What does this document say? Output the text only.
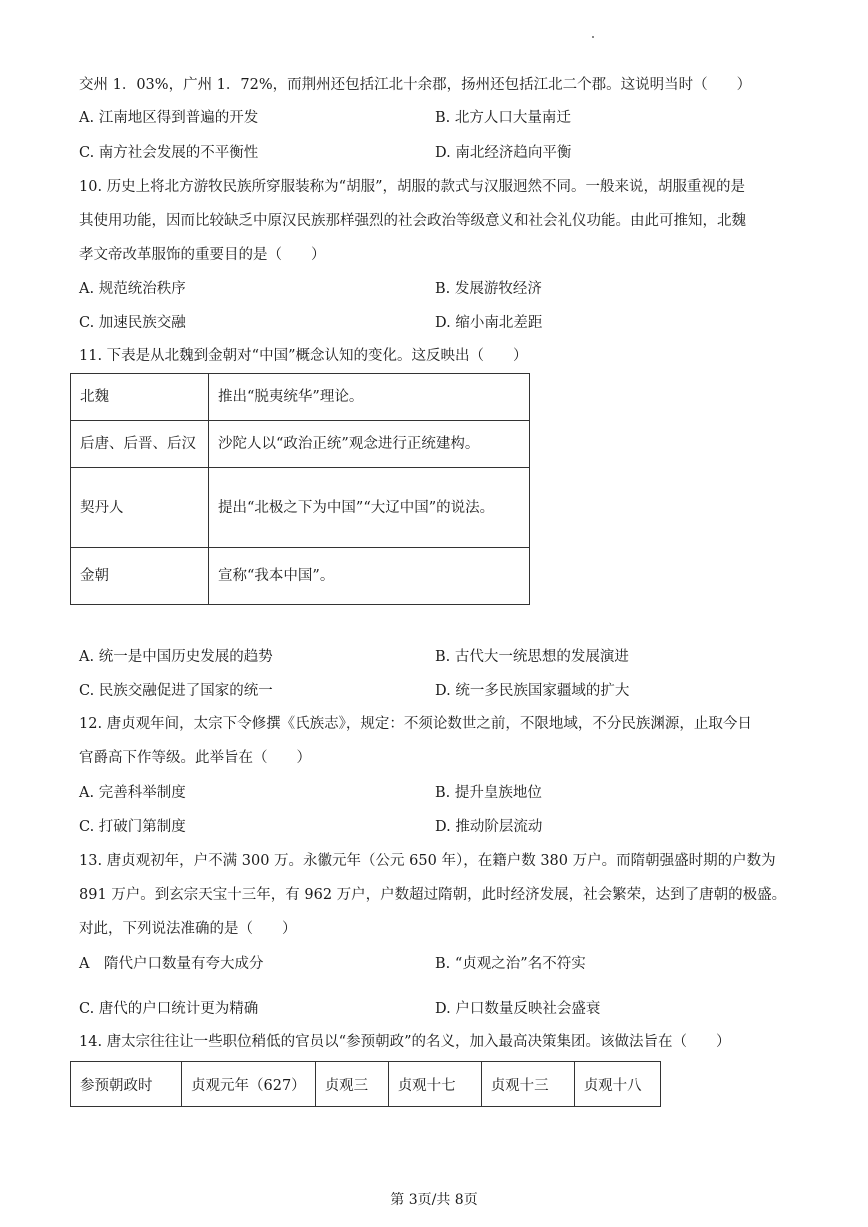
交州 1．03%，广州 1．72%，而荆州还包括江北十余郡，扬州还包括江北二个郡。这说明当时（　　）
A. 江南地区得到普遍的开发	B. 北方人口大量南迁
C. 南方社会发展的不平衡性	D. 南北经济趋向平衡
10. 历史上将北方游牧民族所穿服装称为“胡服”，胡服的款式与汉服迥然不同。一般来说，胡服重视的是
其使用功能，因而比较缺乏中原汉民族那样强烈的社会政治等级意义和社会礼仪功能。由此可推知，北魏
孝文帝改革服饰的重要目的是（　　）
A. 规范统治秩序	B. 发展游牧经济
C. 加速民族交融	D. 缩小南北差距
11. 下表是从北魏到金朝对“中国”概念认知的变化。这反映出（　　）
北魏	推出“脱夷统华”理论。
后唐、后晋、后汉	沙陀人以“政治正统”观念进行正统建构。
契丹人	提出“北极之下为中国”“大辽中国”的说法。
金朝	宣称“我本中国”。
A. 统一是中国历史发展的趋势	B. 古代大一统思想的发展演进
C. 民族交融促进了国家的统一	D. 统一多民族国家疆域的扩大
12. 唐贞观年间，太宗下令修撰《氏族志》，规定：不须论数世之前，不限地域，不分民族渊源，止取今日
官爵高下作等级。此举旨在（　　）
A. 完善科举制度	B. 提升皇族地位
C. 打破门第制度	D. 推动阶层流动
13. 唐贞观初年，户不满 300 万。永徽元年（公元 650 年），在籍户数 380 万户。而隋朝强盛时期的户数为
891 万户。到玄宗天宝十三年，有 962 万户，户数超过隋朝，此时经济发展，社会繁荣，达到了唐朝的极盛。
对此，下列说法准确的是（　　）
A　隋代户口数量有夸大成分	B. “贞观之治”名不符实
C. 唐代的户口统计更为精确	D. 户口数量反映社会盛衰
14. 唐太宗往往让一些职位稍低的官员以“参预朝政”的名义，加入最高决策集团。该做法旨在（　　）
参预朝政时	贞观元年（627）	贞观三	贞观十七	贞观十三	贞观十八
第 3页/共 8页
